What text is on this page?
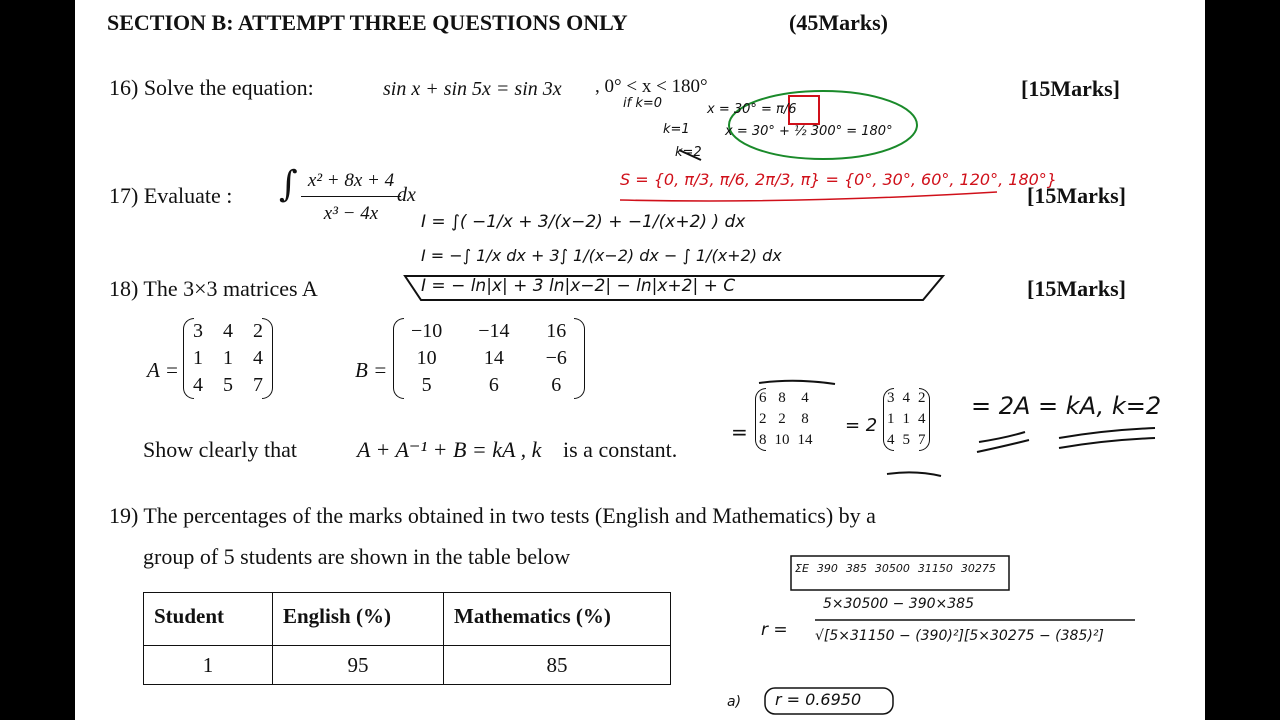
SECTION B: ATTEMPT THREE QUESTIONS ONLY	(45Marks)
16) Solve the equation:	sin x + sin 5x = sin 3x , 0° < x < 180°	[15Marks]
if k=0
k=1
k=2
x = 30° = π/6
x = 30° + ½ 300° = 180°
S = {0, π/3, π/6, 2π/3, π} = {0°, 30°, 60°, 120°, 180°}
17) Evaluate : ∫ x² + 8x + 4
x³ − 4x
dx	[15Marks]
I = ∫( −1/x + 3/(x−2) + −1/(x+2) ) dx
I = −∫ 1/x dx + 3∫ 1/(x−2) dx − ∫ 1/(x+2) dx
I = − ln|x| + 3 ln|x−2| − ln|x+2| + C
18) The 3×3 matrices A	[15Marks]
A =
3	4	2
1	1	4
4	5	7
B =
−10	−14	16
10	14	−6
5	6	6
Show clearly that	A + A⁻¹ + B = kA , k is a constant.
=
6	8	4
2	2	8
8	10	14
= 2
3	4	2
1	1	4
4	5	7
= 2A = kA, k=2
19) The percentages of the marks obtained in two tests (English and Mathematics) by a
group of 5 students are shown in the table below
Student	English (%)	Mathematics (%)
1	95	85
ΣE 390 385 30500 31150 30275
r =
5×30500 − 390×385
√[5×31150 − (390)²][5×30275 − (385)²]
a) r = 0.6950
